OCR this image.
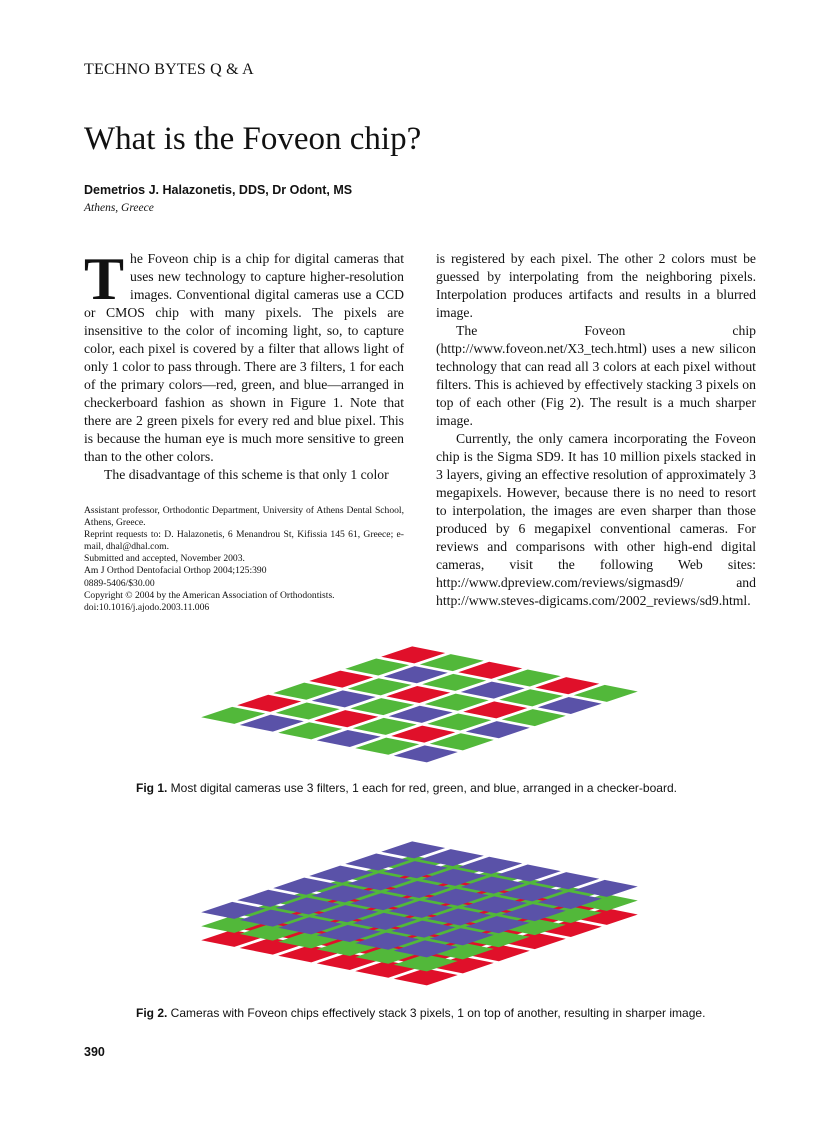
TECHNO BYTES Q & A
What is the Foveon chip?
Demetrios J. Halazonetis, DDS, Dr Odont, MS
Athens, Greece

The Foveon chip is a chip for digital cameras that uses new technology to capture higher-resolution images. Conventional digital cameras use a CCD or CMOS chip with many pixels. The pixels are insensitive to the color of incoming light, so, to capture color, each pixel is covered by a filter that allows light of only 1 color to pass through. There are 3 filters, 1 for each of the primary colors—red, green, and blue—arranged in checkerboard fashion as shown in Figure 1. Note that there are 2 green pixels for every red and blue pixel. This is because the human eye is much more sensitive to green than to the other colors.

The disadvantage of this scheme is that only 1 color

Assistant professor, Orthodontic Department, University of Athens Dental School, Athens, Greece.
Reprint requests to: D. Halazonetis, 6 Menandrou St, Kifissia 145 61, Greece; e-mail, dhal@dhal.com.
Submitted and accepted, November 2003.
Am J Orthod Dentofacial Orthop 2004;125:390
0889-5406/$30.00
Copyright © 2004 by the American Association of Orthodontists.
doi:10.1016/j.ajodo.2003.11.006

is registered by each pixel. The other 2 colors must be guessed by interpolating from the neighboring pixels. Interpolation produces artifacts and results in a blurred image.

The Foveon chip (http://www.foveon.net/X3_tech.html) uses a new silicon technology that can read all 3 colors at each pixel without filters. This is achieved by effectively stacking 3 pixels on top of each other (Fig 2). The result is a much sharper image.

Currently, the only camera incorporating the Foveon chip is the Sigma SD9. It has 10 million pixels stacked in 3 layers, giving an effective resolution of approximately 3 megapixels. However, because there is no need to resort to interpolation, the images are even sharper than those produced by 6 megapixel conventional cameras. For reviews and comparisons with other high-end digital cameras, visit the following Web sites: http://www.dpreview.com/reviews/sigmasd9/ and http://www.steves-digicams.com/2002_reviews/sd9.html.

Fig 1. Most digital cameras use 3 filters, 1 each for red, green, and blue, arranged in a checker-board.
Fig 2. Cameras with Foveon chips effectively stack 3 pixels, 1 on top of another, resulting in sharper image.
390
